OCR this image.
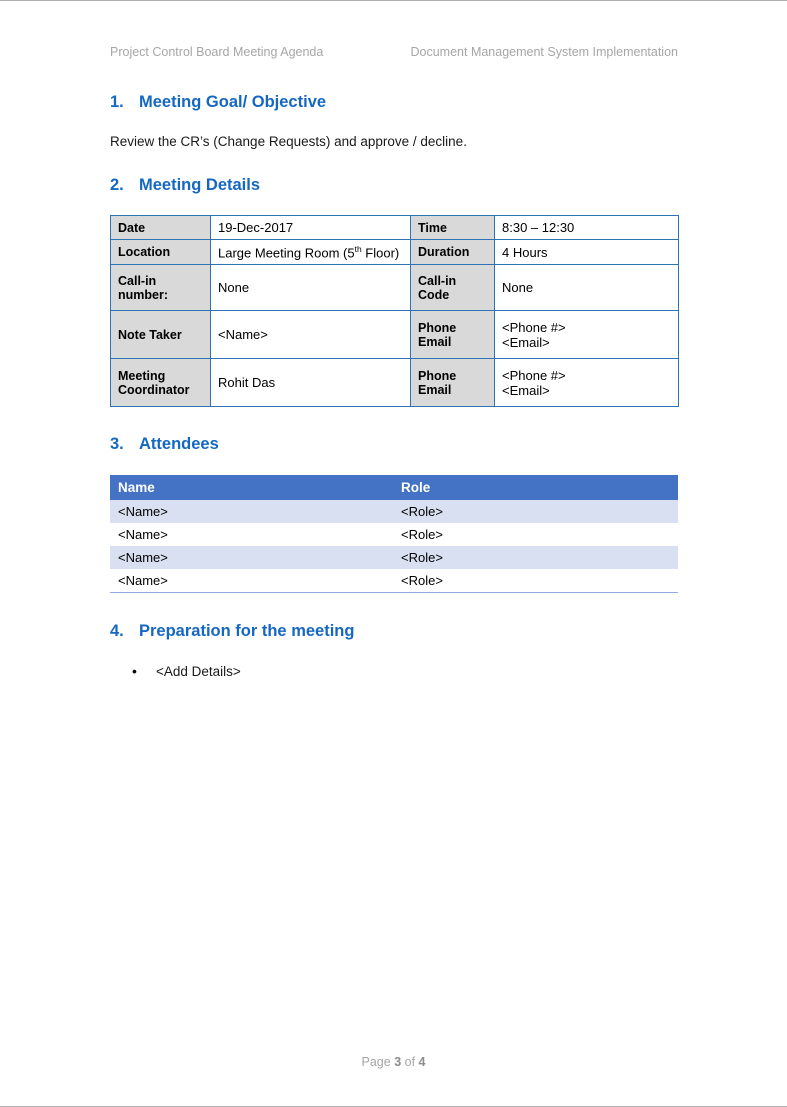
Project Control Board Meeting Agenda	Document Management System Implementation
1. Meeting Goal/ Objective
Review the CR’s (Change Requests) and approve / decline.
2. Meeting Details
Date	19-Dec-2017	Time	8:30 – 12:30
Location	Large Meeting Room (5th Floor)	Duration	4 Hours
Call-in number:	None	Call-in Code	None
Note Taker	<Name>	Phone Email	<Phone #>
<Email>

Meeting Coordinator	Rohit Das	Phone Email	<Phone #>
<Email>
3. Attendees
Name	Role
<Name>	<Role>
<Name>	<Role>
<Name>	<Role>
<Name>	<Role>
4. Preparation for the meeting
•	<Add Details>
Page 3 of 4
